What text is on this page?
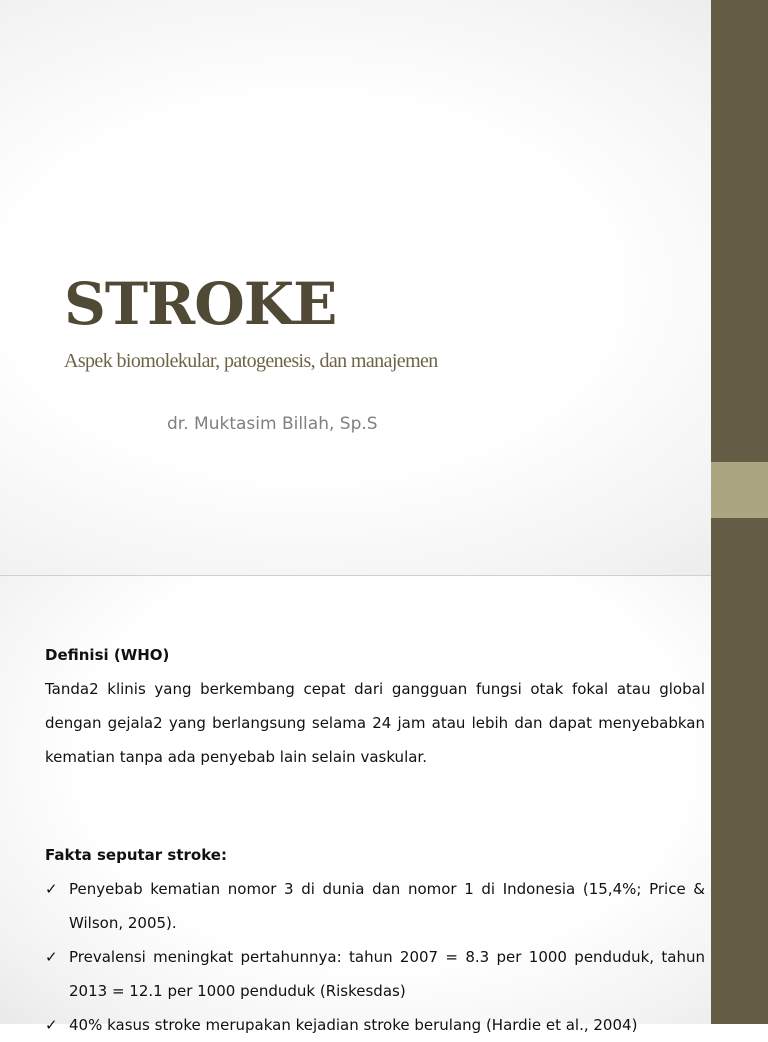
STROKE

Aspek biomolekular, patogenesis, dan manajemen

dr. Muktasim Billah, Sp.S

Definisi (WHO)

Tanda2 klinis yang berkembang cepat dari gangguan fungsi otak fokal atau global dengan gejala2 yang berlangsung selama 24 jam atau lebih dan dapat menyebabkan kematian tanpa ada penyebab lain selain vaskular.

Fakta seputar stroke:

✓ Penyebab kematian nomor 3 di dunia dan nomor 1 di Indonesia (15,4%; Price & Wilson, 2005).
✓ Prevalensi meningkat pertahunnya: tahun 2007 = 8.3 per 1000 penduduk, tahun 2013 = 12.1 per 1000 penduduk (Riskesdas)
✓ 40% kasus stroke merupakan kejadian stroke berulang (Hardie et al., 2004)
